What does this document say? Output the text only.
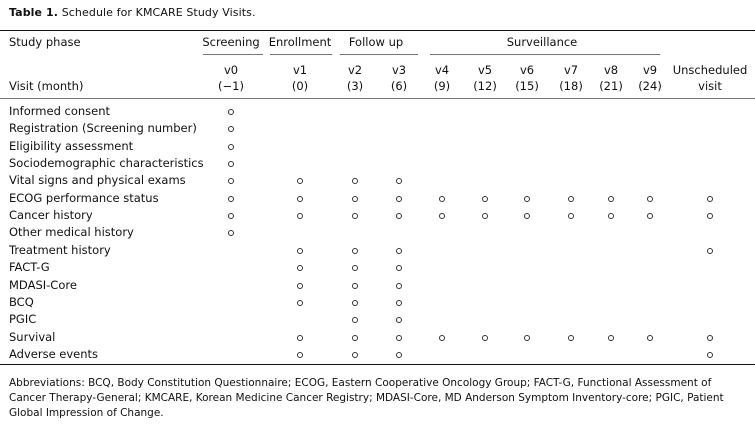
Table 1. Schedule for KMCARE Study Visits.
Study phase	Screening Enrollment Follow up	Surveillance
v0
(−1)
v1
(0)
v2
(3)
v3
(6)
v4
(9)
v5
(12)
v6
(15)
v7
(18)
v8
(21)
v9
(24)
Unscheduled
visit
Visit (month)
Informed consent
Registration (Screening number)
Eligibility assessment
Sociodemographic characteristics
Vital signs and physical exams
ECOG performance status
Cancer history
Other medical history
Treatment history
FACT-G
MDASI-Core
BCQ
PGIC
Survival
Adverse events
Abbreviations: BCQ, Body Constitution Questionnaire; ECOG, Eastern Cooperative Oncology Group; FACT-G, Functional Assessment of Cancer Therapy-General; KMCARE, Korean Medicine Cancer Registry; MDASI-Core, MD Anderson Symptom Inventory-core; PGIC, Patient Global Impression of Change.
